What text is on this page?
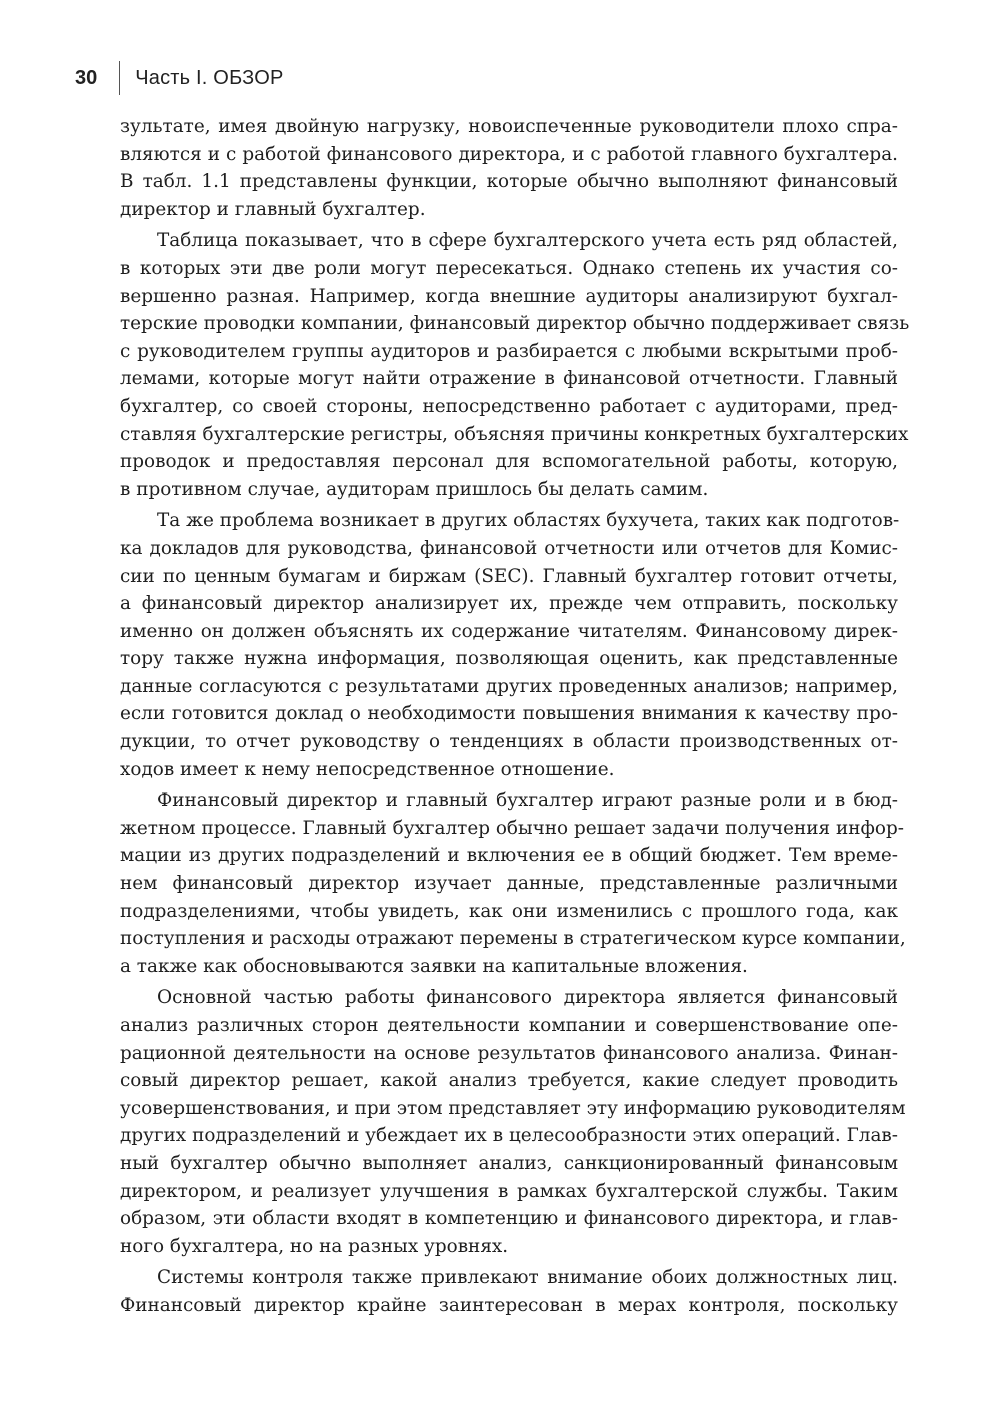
30 Часть I. ОБЗОР
зультате, имея двойную нагрузку, новоиспеченные руководители плохо спра-
вляются и с работой финансового директора, и с работой главного бухгалтера.
В табл. 1.1 представлены функции, которые обычно выполняют финансовый
директор и главный бухгалтер.
Таблица показывает, что в сфере бухгалтерского учета есть ряд областей,
в которых эти две роли могут пересекаться. Однако степень их участия со-
вершенно разная. Например, когда внешние аудиторы анализируют бухгал-
терские проводки компании, финансовый директор обычно поддерживает связь
с руководителем группы аудиторов и разбирается с любыми вскрытыми проб-
лемами, которые могут найти отражение в финансовой отчетности. Главный
бухгалтер, со своей стороны, непосредственно работает с аудиторами, пред-
ставляя бухгалтерские регистры, объясняя причины конкретных бухгалтерских
проводок и предоставляя персонал для вспомогательной работы, которую,
в противном случае, аудиторам пришлось бы делать самим.
Та же проблема возникает в других областях бухучета, таких как подготов-
ка докладов для руководства, финансовой отчетности или отчетов для Комис-
сии по ценным бумагам и биржам (SEC). Главный бухгалтер готовит отчеты,
а финансовый директор анализирует их, прежде чем отправить, поскольку
именно он должен объяснять их содержание читателям. Финансовому дирек-
тору также нужна информация, позволяющая оценить, как представленные
данные согласуются с результатами других проведенных анализов; например,
если готовится доклад о необходимости повышения внимания к качеству про-
дукции, то отчет руководству о тенденциях в области производственных от-
ходов имеет к нему непосредственное отношение.
Финансовый директор и главный бухгалтер играют разные роли и в бюд-
жетном процессе. Главный бухгалтер обычно решает задачи получения инфор-
мации из других подразделений и включения ее в общий бюджет. Тем време-
нем финансовый директор изучает данные, представленные различными
подразделениями, чтобы увидеть, как они изменились с прошлого года, как
поступления и расходы отражают перемены в стратегическом курсе компании,
а также как обосновываются заявки на капитальные вложения.
Основной частью работы финансового директора является финансовый
анализ различных сторон деятельности компании и совершенствование опе-
рационной деятельности на основе результатов финансового анализа. Финан-
совый директор решает, какой анализ требуется, какие следует проводить
усовершенствования, и при этом представляет эту информацию руководителям
других подразделений и убеждает их в целесообразности этих операций. Глав-
ный бухгалтер обычно выполняет анализ, санкционированный финансовым
директором, и реализует улучшения в рамках бухгалтерской службы. Таким
образом, эти области входят в компетенцию и финансового директора, и глав-
ного бухгалтера, но на разных уровнях.
Системы контроля также привлекают внимание обоих должностных лиц.
Финансовый директор крайне заинтересован в мерах контроля, поскольку
